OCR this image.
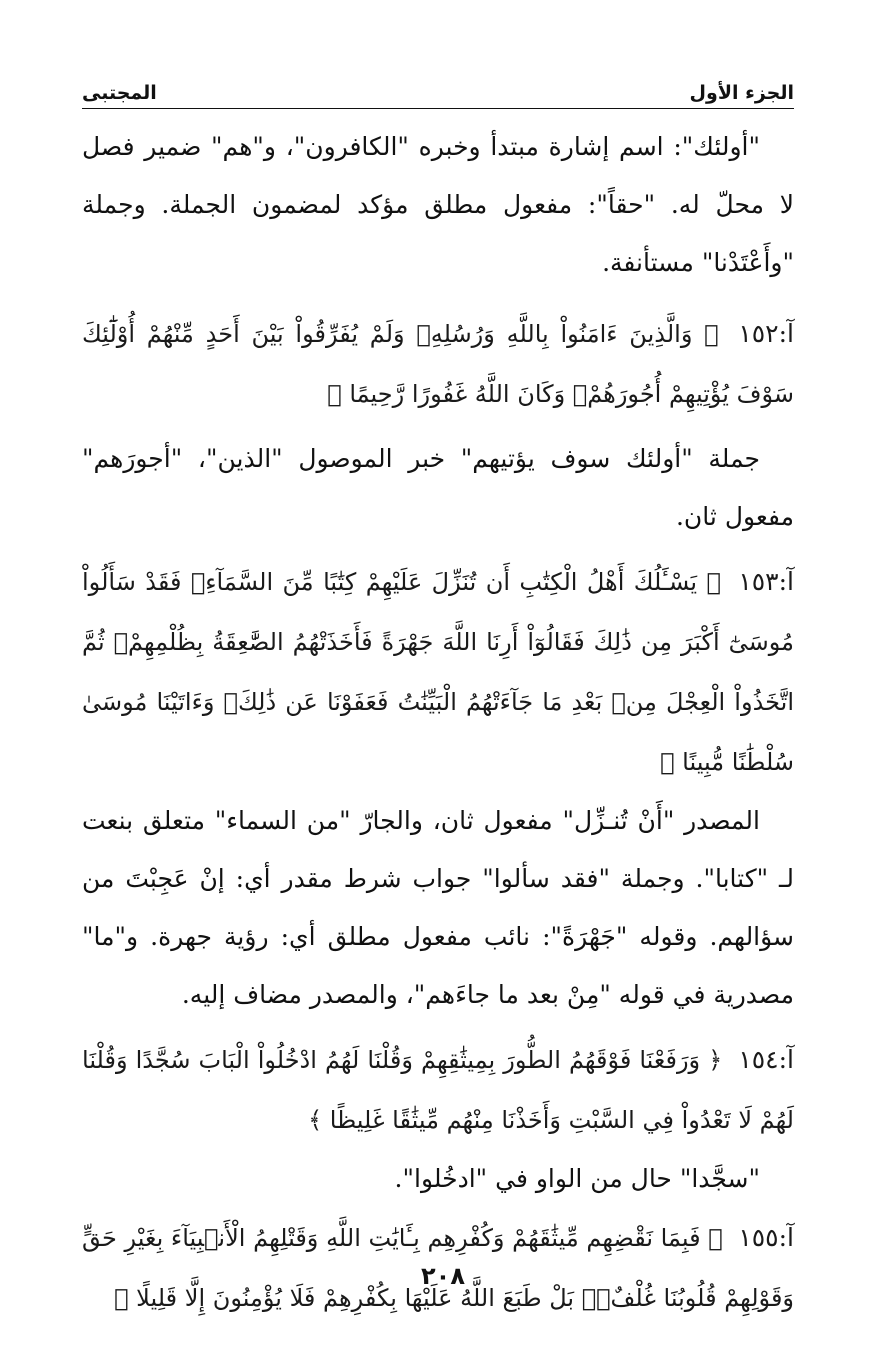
الجزء الأول
المجتبى

"أولئك": اسم إشارة مبتدأ وخبره "الكافرون"، و"هم" ضمير فصل لا محلّ له. "حقاً": مفعول مطلق مؤكد لمضمون الجملة. وجملة "وأَعْتَدْنا" مستأنفة.

آ:١٥٢ ﴿ وَالَّذِينَ ءَامَنُواْ بِاللَّهِ وَرُسُلِهِۦ وَلَمْ يُفَرِّقُواْ بَيْنَ أَحَدٍ مِّنْهُمْ أُوْلَٰٓئِكَ سَوْفَ يُؤْتِيهِمْ أُجُورَهُمْۗ وَكَانَ اللَّهُ غَفُورًا رَّحِيمًا ﴾

جملة "أولئك سوف يؤتيهم" خبر الموصول "الذين"، "أجورَهم" مفعول ثان.

آ:١٥٣ ﴿ يَسْـَٔلُكَ أَهْلُ الْكِتَٰبِ أَن تُنَزِّلَ عَلَيْهِمْ كِتَٰبًا مِّنَ السَّمَآءِۚ فَقَدْ سَأَلُواْ مُوسَىٰٓ أَكْبَرَ مِن ذَٰلِكَ فَقَالُوٓاْ أَرِنَا اللَّهَ جَهْرَةً فَأَخَذَتْهُمُ الصَّٰعِقَةُ بِظُلْمِهِمْۚ ثُمَّ اتَّخَذُواْ الْعِجْلَ مِنۢ بَعْدِ مَا جَآءَتْهُمُ الْبَيِّنَٰتُ فَعَفَوْنَا عَن ذَٰلِكَۚ وَءَاتَيْنَا مُوسَىٰ سُلْطَٰنًا مُّبِينًا ﴾

المصدر "أَنْ تُنـزِّل" مفعول ثان، والجارّ "من السماء" متعلق بنعت لـ "كتابا". وجملة "فقد سألوا" جواب شرط مقدر أي: إنْ عَجِبْتَ من سؤالهم. وقوله "جَهْرَةً": نائب مفعول مطلق أي: رؤية جهرة. و"ما" مصدرية في قوله "مِنْ بعد ما جاءَهم"، والمصدر مضاف إليه.

آ:١٥٤ ﴿ وَرَفَعْنَا فَوْقَهُمُ الطُّورَ بِمِيثَٰقِهِمْ وَقُلْنَا لَهُمُ ادْخُلُواْ الْبَابَ سُجَّدًا وَقُلْنَا لَهُمْ لَا تَعْدُواْ فِي السَّبْتِ وَأَخَذْنَا مِنْهُم مِّيثَٰقًا غَلِيظًا ﴾

"سجَّدا" حال من الواو في "ادخُلوا".

آ:١٥٥ ﴿ فَبِمَا نَقْضِهِم مِّيثَٰقَهُمْ وَكُفْرِهِم بِـَٔايَٰتِ اللَّهِ وَقَتْلِهِمُ الْأَنۢبِيَآءَ بِغَيْرِ حَقٍّ وَقَوْلِهِمْ قُلُوبُنَا غُلْفٌۢۚ بَلْ طَبَعَ اللَّهُ عَلَيْهَا بِكُفْرِهِمْ فَلَا يُؤْمِنُونَ إِلَّا قَلِيلًا ﴾

٢٠٨
